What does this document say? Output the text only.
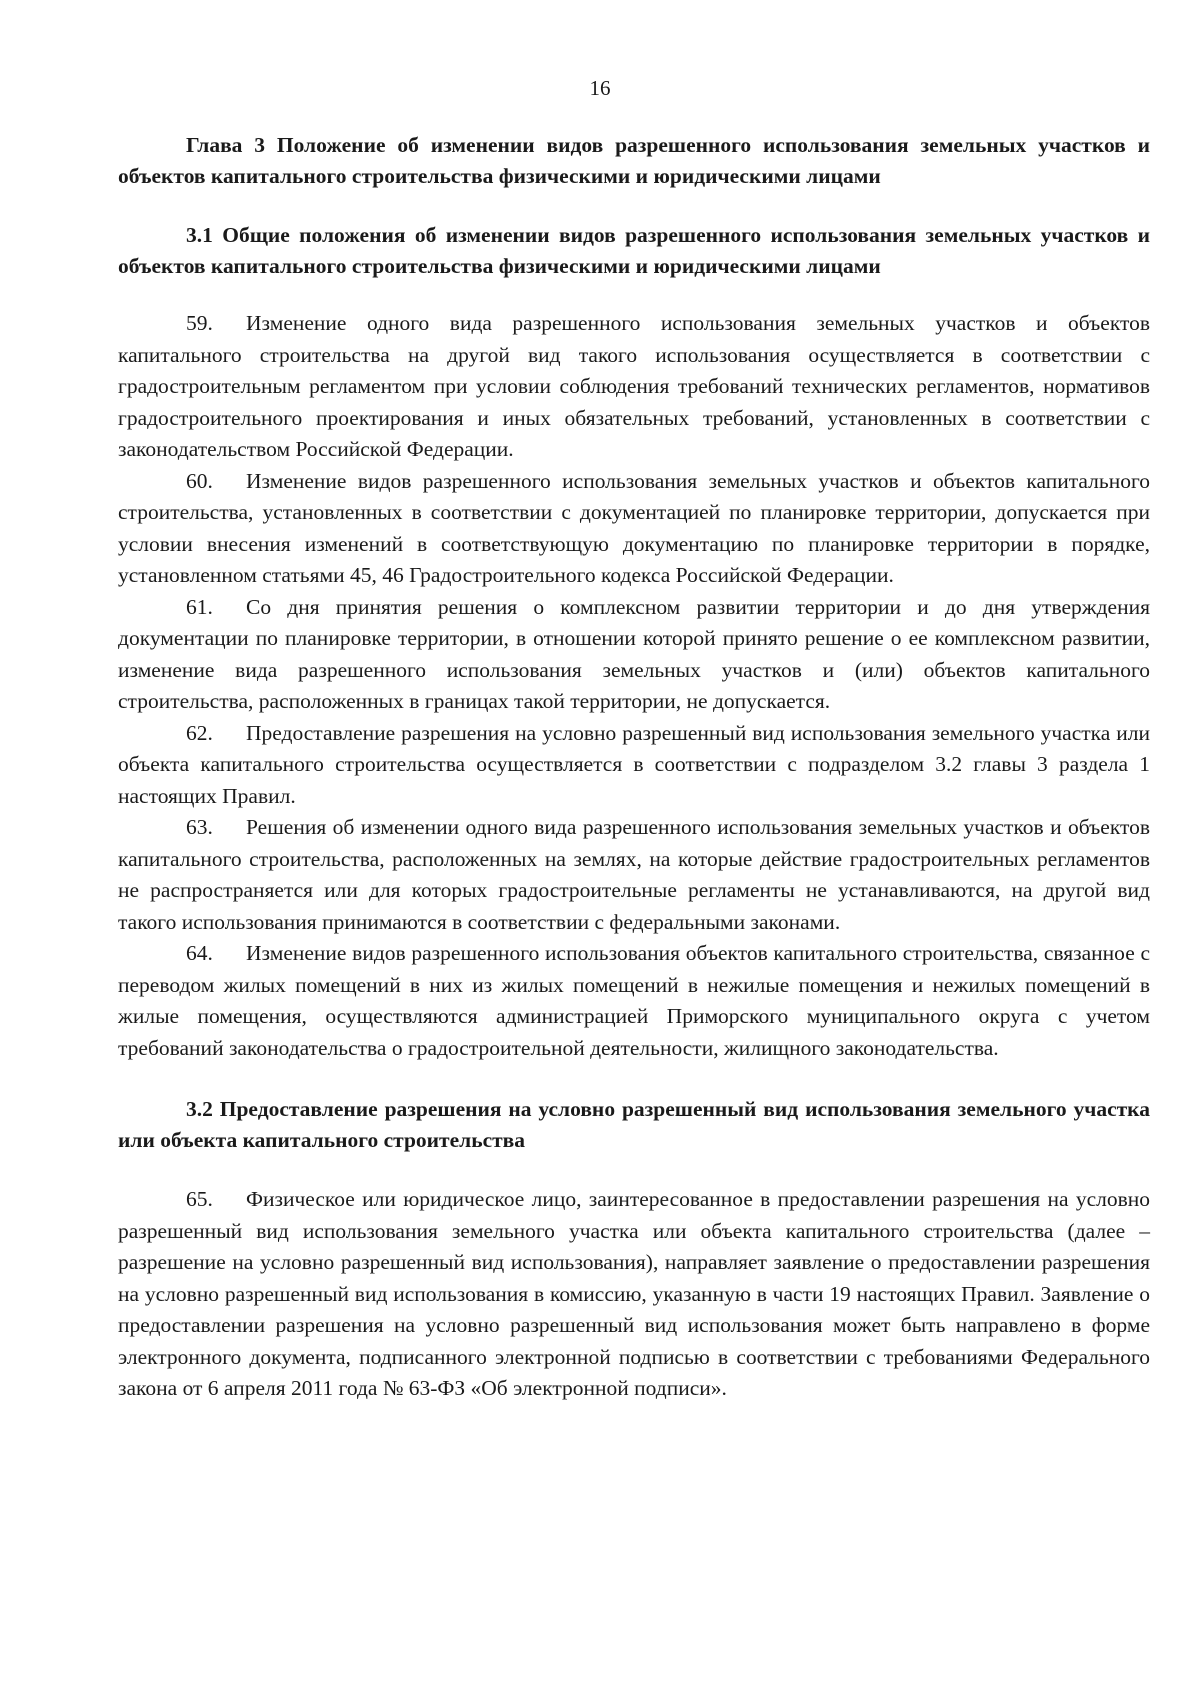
16

Глава 3 Положение об изменении видов разрешенного использования земельных участков и объектов капитального строительства физическими и юридическими лицами

3.1 Общие положения об изменении видов разрешенного использования земельных участков и объектов капитального строительства физическими и юридическими лицами

59. Изменение одного вида разрешенного использования земельных участков и объектов капитального строительства на другой вид такого использования осуществляется в соответствии с градостроительным регламентом при условии соблюдения требований технических регламентов, нормативов градостроительного проектирования и иных обязательных требований, установленных в соответствии с законодательством Российской Федерации.

60. Изменение видов разрешенного использования земельных участков и объектов капитального строительства, установленных в соответствии с документацией по планировке территории, допускается при условии внесения изменений в соответствующую документацию по планировке территории в порядке, установленном статьями 45, 46 Градостроительного кодекса Российской Федерации.

61. Со дня принятия решения о комплексном развитии территории и до дня утверждения документации по планировке территории, в отношении которой принято решение о ее комплексном развитии, изменение вида разрешенного использования земельных участков и (или) объектов капитального строительства, расположенных в границах такой территории, не допускается.

62. Предоставление разрешения на условно разрешенный вид использования земельного участка или объекта капитального строительства осуществляется в соответствии с подразделом 3.2 главы 3 раздела 1 настоящих Правил.

63. Решения об изменении одного вида разрешенного использования земельных участков и объектов капитального строительства, расположенных на землях, на которые действие градостроительных регламентов не распространяется или для которых градостроительные регламенты не устанавливаются, на другой вид такого использования принимаются в соответствии с федеральными законами.

64. Изменение видов разрешенного использования объектов капитального строительства, связанное с переводом жилых помещений в них из жилых помещений в нежилые помещения и нежилых помещений в жилые помещения, осуществляются администрацией Приморского муниципального округа с учетом требований законодательства о градостроительной деятельности, жилищного законодательства.

3.2 Предоставление разрешения на условно разрешенный вид использования земельного участка или объекта капитального строительства

65. Физическое или юридическое лицо, заинтересованное в предоставлении разрешения на условно разрешенный вид использования земельного участка или объекта капитального строительства (далее – разрешение на условно разрешенный вид использования), направляет заявление о предоставлении разрешения на условно разрешенный вид использования в комиссию, указанную в части 19 настоящих Правил. Заявление о предоставлении разрешения на условно разрешенный вид использования может быть направлено в форме электронного документа, подписанного электронной подписью в соответствии с требованиями Федерального закона от 6 апреля 2011 года № 63-ФЗ «Об электронной подписи».
